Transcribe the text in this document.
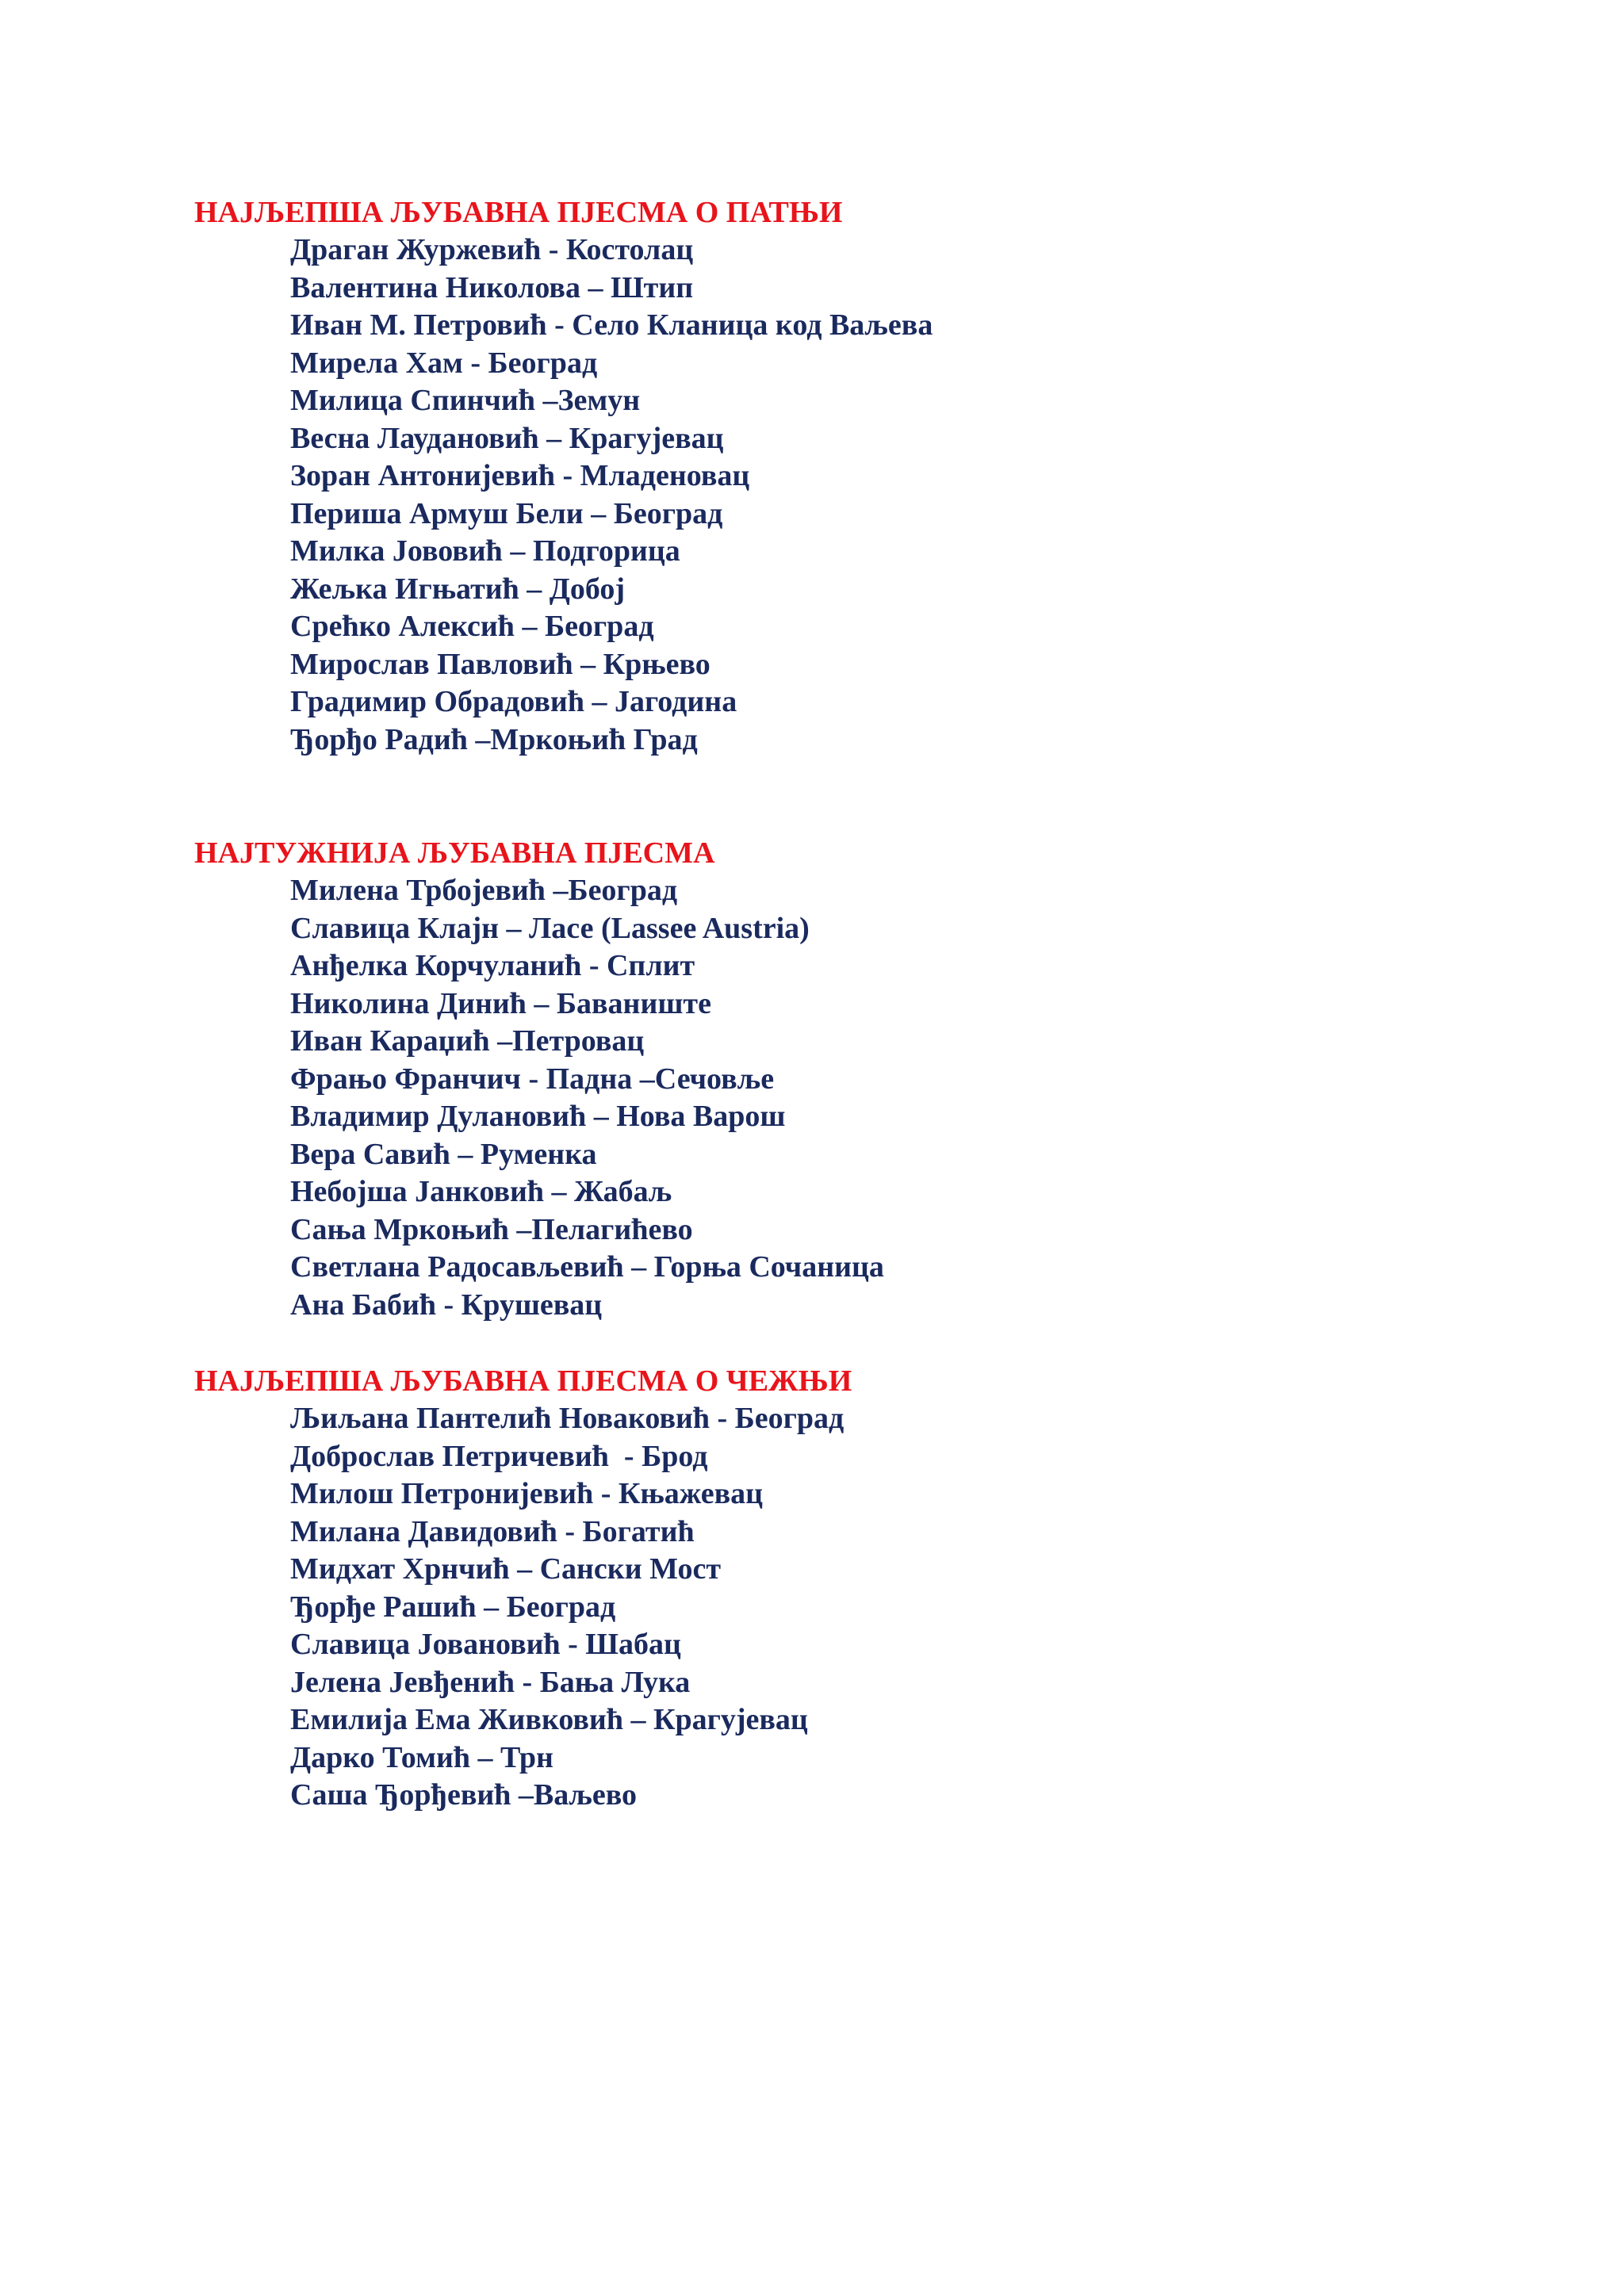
НАЈЉЕПША ЉУБАВНА ПЈЕСМА О ПАТЊИ
Драган Журжевић - Костолац
Валентина Николова – Штип
Иван М. Петровић - Село Кланица код Ваљева
Мирела Хам - Београд
Милица Спинчић –Земун
Весна Лаудановић – Крагујевац
Зоран Антонијевић - Младеновац
Периша Армуш Бели – Београд
Милка Јововић – Подгорица
Жељка Игњатић – Добој
Срећко Алексић – Београд
Мирослав Павловић – Крњево
Градимир Обрадовић – Јагодина
Ђорђо Радић –Мркоњић Град
НАЈТУЖНИЈА ЉУБАВНА ПЈЕСМА
Милена Трбојевић –Београд
Славица Клајн – Ласе (Lassee Austria)
Анђелка Корчуланић - Сплит
Николина Динић – Баваниште
Иван Караџић –Петровац
Фрањо Франчич - Падна –Сечовље
Владимир Дулановић – Нова Варош
Вера Савић – Руменка
Небојша Јанковић – Жабаљ
Сања Мркоњић –Пелагићево
Светлана Радосављевић – Горња Сочаница
Ана Бабић - Крушевац
НАЈЉЕПША ЉУБАВНА ПЈЕСМА О ЧЕЖЊИ
Љиљана Пантелић Новаковић - Београд
Доброслав Петричевић  - Брод
Милош Петронијевић - Књажевац
Милана Давидовић - Богатић
Мидхат Хрнчић – Сански Мост
Ђорђе Рашић – Београд
Славица Јовановић - Шабац
Јелена Јевђенић - Бања Лука
Емилија Ема Живковић – Крагујевац
Дарко Томић – Трн
Саша Ђорђевић –Ваљево
